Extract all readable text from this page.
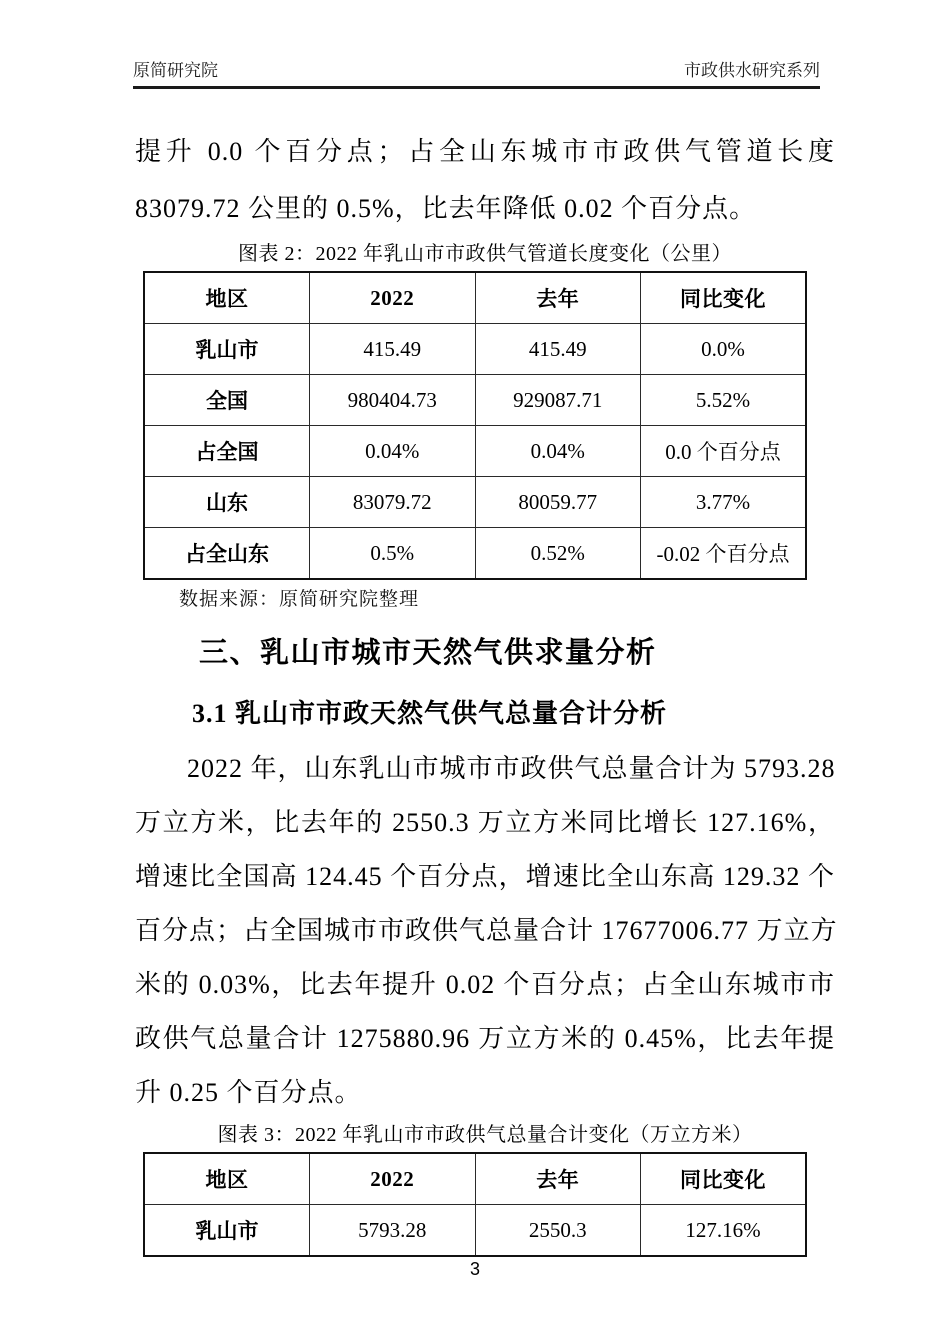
原简研究院	市政供水研究系列
提升 0.0 个百分点；占全山东城市市政供气管道长度
83079.72 公里的 0.5%，比去年降低 0.02 个百分点。
图表 2：2022 年乳山市市政供气管道长度变化（公里）
地区	2022	去年	同比变化
乳山市	415.49	415.49	0.0%
全国	980404.73	929087.71	5.52%
占全国	0.04%	0.04%	0.0 个百分点
山东	83079.72	80059.77	3.77%
占全山东	0.5%	0.52%	-0.02 个百分点
数据来源：原简研究院整理
三、乳山市城市天然气供求量分析
3.1 乳山市市政天然气供气总量合计分析
2022 年，山东乳山市城市市政供气总量合计为 5793.28
万立方米，比去年的 2550.3 万立方米同比增长 127.16%，
增速比全国高 124.45 个百分点，增速比全山东高 129.32 个
百分点；占全国城市市政供气总量合计 17677006.77 万立方
米的 0.03%，比去年提升 0.02 个百分点；占全山东城市市
政供气总量合计 1275880.96 万立方米的 0.45%，比去年提
升 0.25 个百分点。
图表 3：2022 年乳山市市政供气总量合计变化（万立方米）
地区	2022	去年	同比变化
乳山市	5793.28	2550.3	127.16%
3
